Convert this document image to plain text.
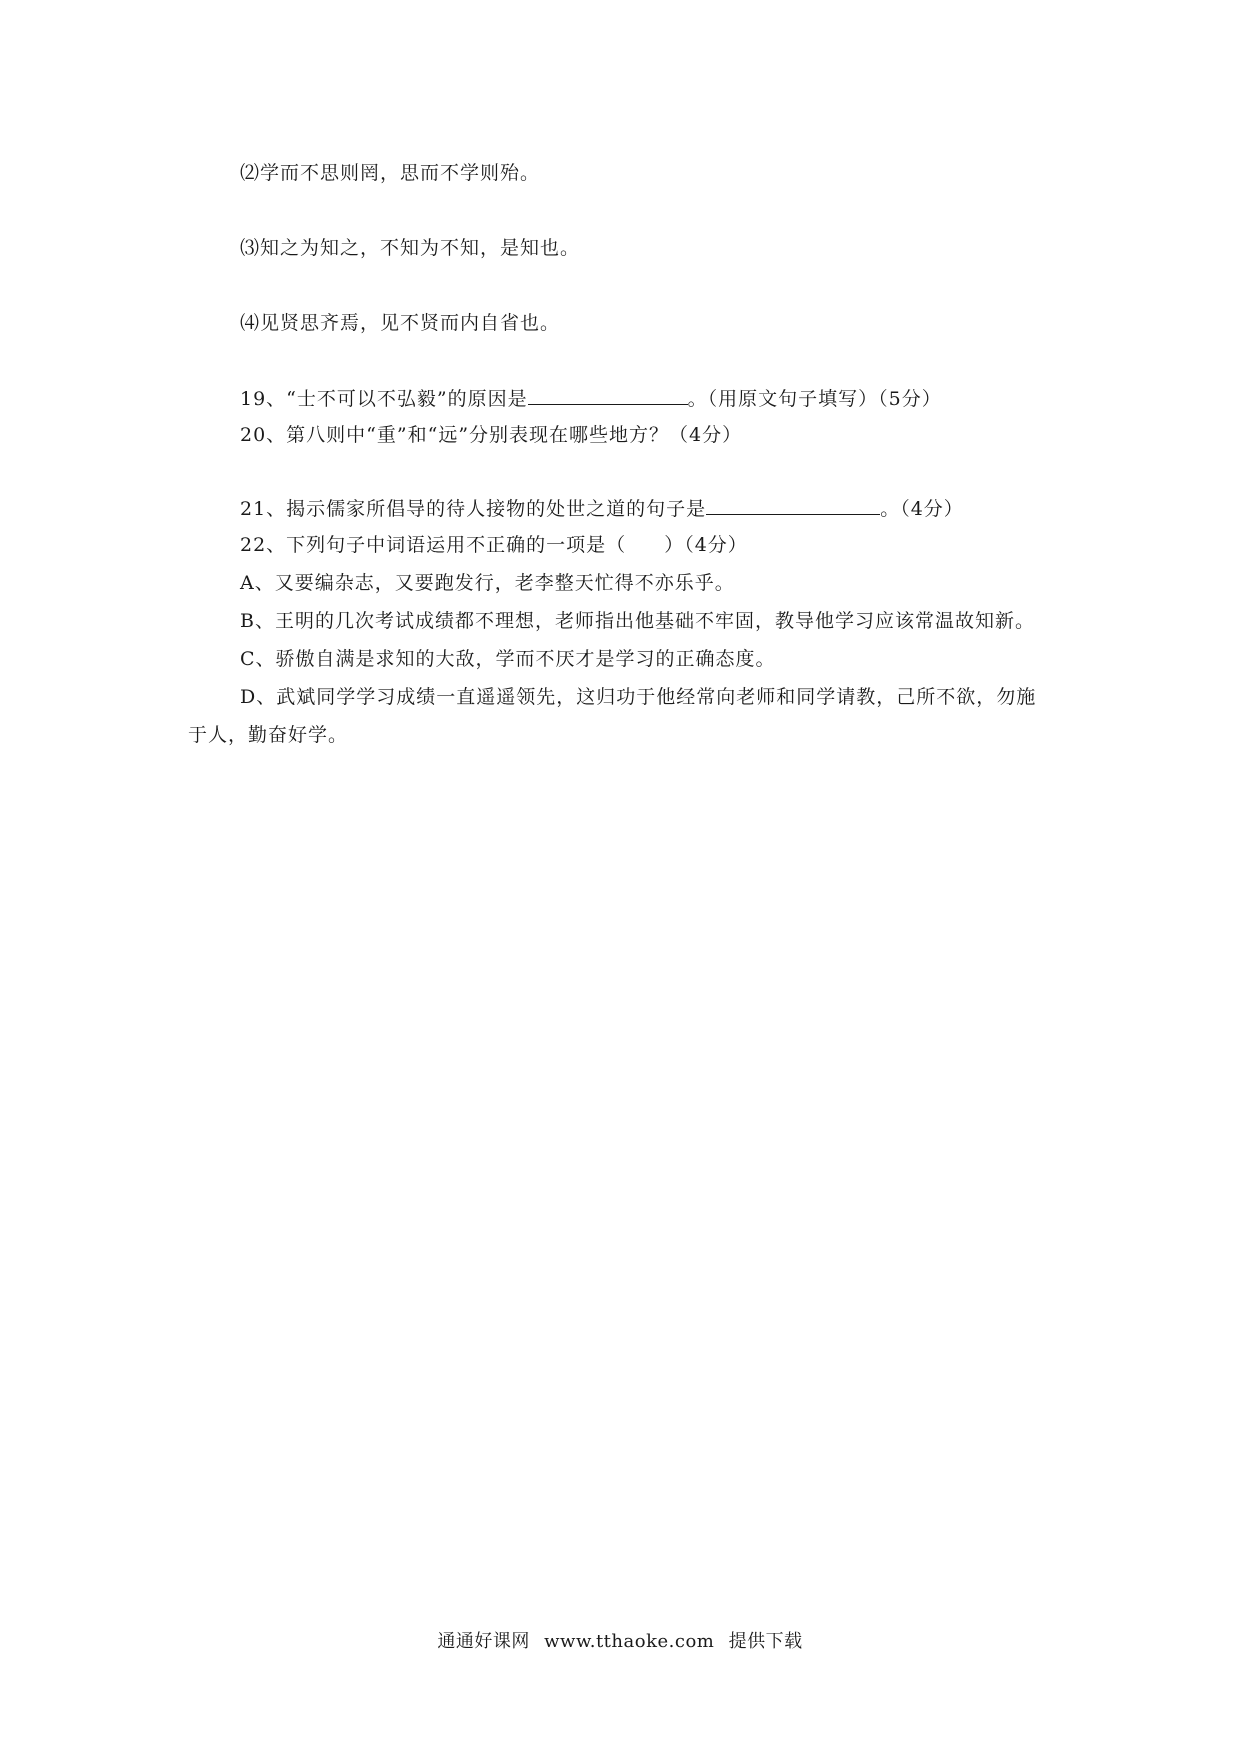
⑵学而不思则罔，思而不学则殆。
⑶知之为知之，不知为不知，是知也。
⑷见贤思齐焉，见不贤而内自省也。
19、“士不可以不弘毅”的原因是	。（用原文句子填写）（5分）
20、第八则中“重”和“远”分别表现在哪些地方？（4分）
21、揭示儒家所倡导的待人接物的处世之道的句子是	。（4分）
22、下列句子中词语运用不正确的一项是（ ）（4分）
A、又要编杂志，又要跑发行，老李整天忙得不亦乐乎。
B、王明的几次考试成绩都不理想，老师指出他基础不牢固，教导他学习应该常温故知新。
C、骄傲自满是求知的大敌，学而不厌才是学习的正确态度。
D、武斌同学学习成绩一直遥遥领先，这归功于他经常向老师和同学请教，己所不欲，勿施
于人，勤奋好学。
通通好课网 www.tthaoke.com 提供下载
